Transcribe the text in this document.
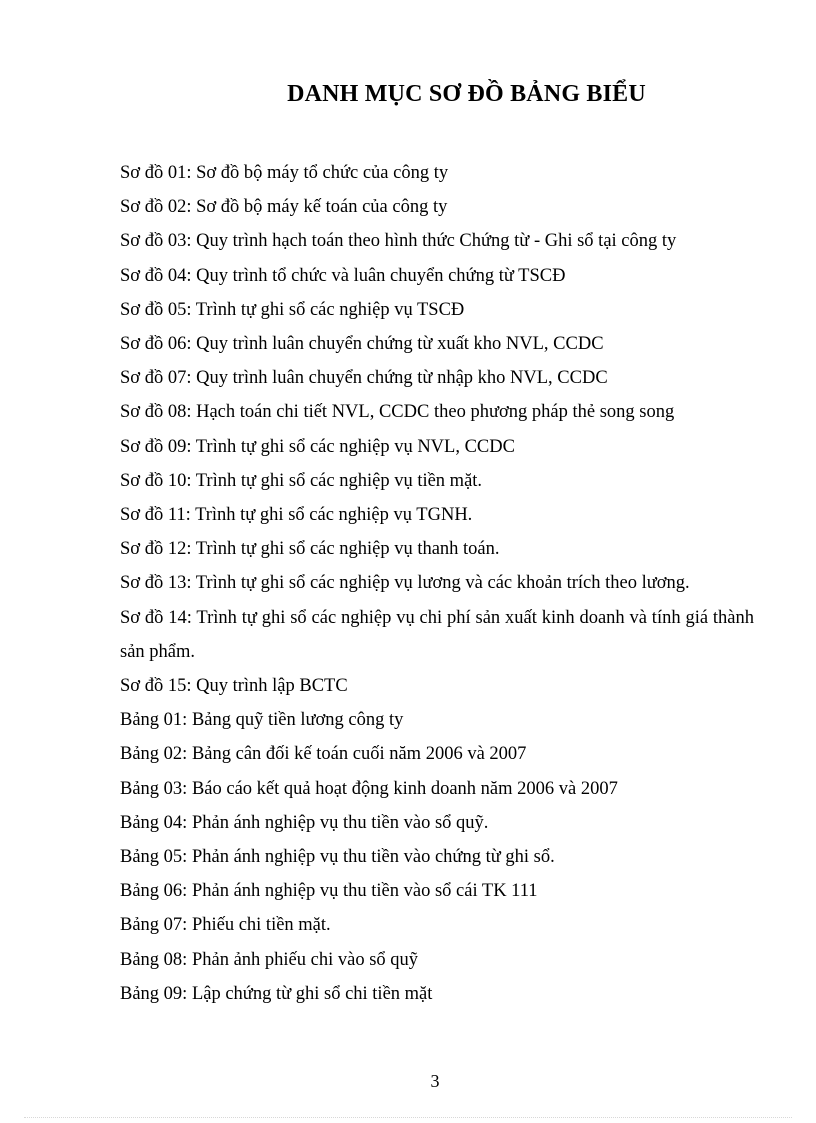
DANH MỤC SƠ ĐỒ BẢNG BIỂU
Sơ đồ 01: Sơ đồ bộ máy tổ chức của công ty
Sơ đồ 02: Sơ đồ bộ máy kế toán của công ty
Sơ đồ 03: Quy trình hạch toán theo hình thức Chứng từ - Ghi sổ tại công ty
Sơ đồ 04: Quy trình tổ chức và luân chuyển chứng từ TSCĐ
Sơ đồ 05: Trình tự ghi sổ các nghiệp vụ TSCĐ
Sơ đồ 06: Quy trình luân chuyển chứng từ xuất kho NVL, CCDC
Sơ đồ 07: Quy trình luân chuyển chứng từ nhập kho NVL, CCDC
Sơ đồ 08: Hạch toán chi tiết NVL, CCDC theo phương pháp thẻ song song
Sơ đồ 09: Trình tự ghi sổ các nghiệp vụ NVL, CCDC
Sơ đồ 10: Trình tự ghi sổ các nghiệp vụ tiền mặt.
Sơ đồ 11: Trình tự ghi sổ các nghiệp vụ TGNH.
Sơ đồ 12: Trình tự ghi sổ các nghiệp vụ thanh toán.
Sơ đồ 13: Trình tự ghi sổ các nghiệp vụ lương và các khoản trích theo lương.
Sơ đồ 14: Trình tự ghi sổ các nghiệp vụ chi phí sản xuất kinh doanh và tính giá thành sản phẩm.
Sơ đồ 15: Quy trình lập BCTC
Bảng 01: Bảng quỹ tiền lương công ty
Bảng 02: Bảng cân đối kế toán cuối năm 2006 và 2007
Bảng 03: Báo cáo kết quả hoạt động kinh doanh năm 2006 và 2007
Bảng 04: Phản ánh nghiệp vụ thu tiền vào sổ quỹ.
Bảng 05: Phản ánh nghiệp vụ thu tiền vào chứng từ ghi sổ.
Bảng 06: Phản ánh nghiệp vụ thu tiền vào sổ cái TK 111
Bảng 07: Phiếu chi tiền mặt.
Bảng 08: Phản ảnh phiếu chi vào sổ quỹ
Bảng 09: Lập chứng từ ghi sổ chi tiền mặt
3
